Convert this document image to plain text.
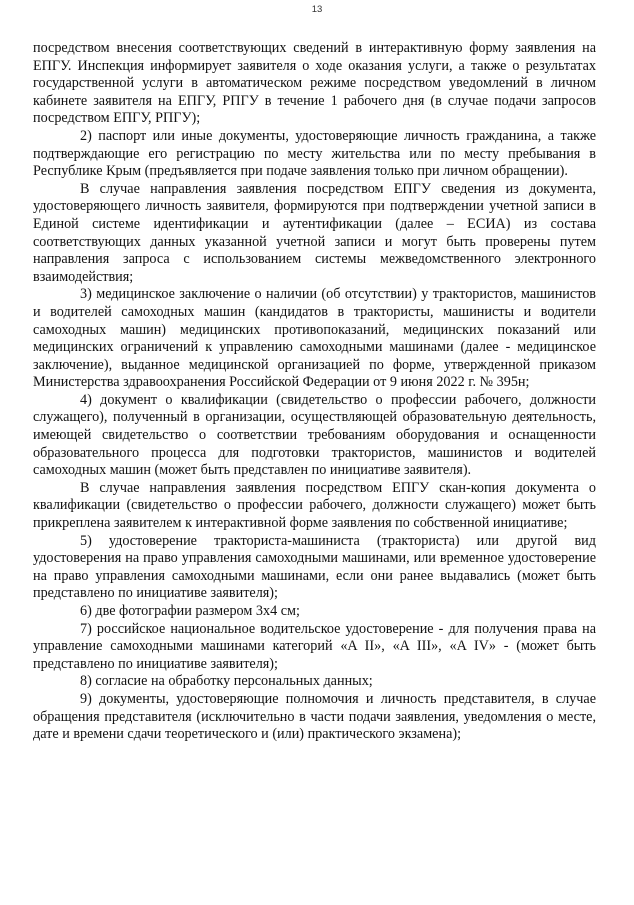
13

посредством внесения соответствующих сведений в интерактивную форму заявления на ЕПГУ. Инспекция информирует заявителя о ходе оказания услуги, а также о результатах государственной услуги в автоматическом режиме посредством уведомлений в личном кабинете заявителя на ЕПГУ, РПГУ в течение 1 рабочего дня (в случае подачи запросов посредством ЕПГУ, РПГУ);

2) паспорт или иные документы, удостоверяющие личность гражданина, а также подтверждающие его регистрацию по месту жительства или по месту пребывания в Республике Крым (предъявляется при подаче заявления только при личном обращении).

В случае направления заявления посредством ЕПГУ сведения из документа, удостоверяющего личность заявителя, формируются при подтверждении учетной записи в Единой системе идентификации и аутентификации (далее – ЕСИА) из состава соответствующих данных указанной учетной записи и могут быть проверены путем направления запроса с использованием системы межведомственного электронного взаимодействия;

3) медицинское заключение о наличии (об отсутствии) у трактористов, машинистов и водителей самоходных машин (кандидатов в трактористы, машинисты и водители самоходных машин) медицинских противопоказаний, медицинских показаний или медицинских ограничений к управлению самоходными машинами (далее - медицинское заключение), выданное медицинской организацией по форме, утвержденной приказом Министерства здравоохранения Российской Федерации от 9 июня 2022 г. № 395н;

4) документ о квалификации (свидетельство о профессии рабочего, должности служащего), полученный в организации, осуществляющей образовательную деятельность, имеющей свидетельство о соответствии требованиям оборудования и оснащенности образовательного процесса для подготовки трактористов, машинистов и водителей самоходных машин (может быть представлен по инициативе заявителя).

В случае направления заявления посредством ЕПГУ скан-копия документа о квалификации (свидетельство о профессии рабочего, должности служащего) может быть прикреплена заявителем к интерактивной форме заявления по собственной инициативе;

5) удостоверение тракториста-машиниста (тракториста) или другой вид удостоверения на право управления самоходными машинами, или временное удостоверение на право управления самоходными машинами, если они ранее выдавались (может быть представлено по инициативе заявителя);

6) две фотографии размером 3х4 см;

7) российское национальное водительское удостоверение - для получения права на управление самоходными машинами категорий «A II», «A III», «A IV» - (может быть представлено по инициативе заявителя);

8) согласие на обработку персональных данных;

9) документы, удостоверяющие полномочия и личность представителя, в случае обращения представителя (исключительно в части подачи заявления, уведомления о месте, дате и времени сдачи теоретического и (или) практического экзамена);
